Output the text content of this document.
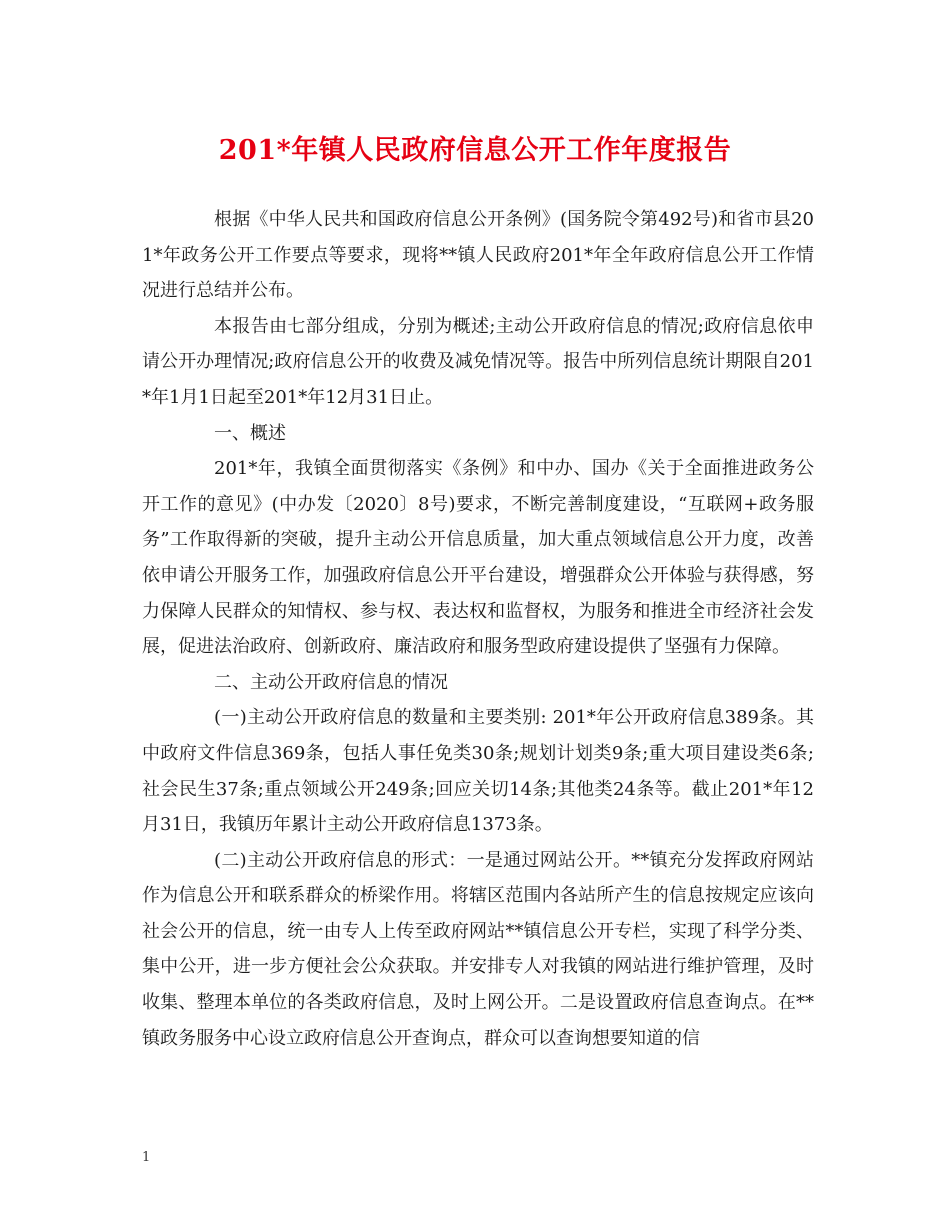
201*年镇人民政府信息公开工作年度报告

根据《中华人民共和国政府信息公开条例》(国务院令第492号)和省市县201*年政务公开工作要点等要求，现将**镇人民政府201*年全年政府信息公开工作情况进行总结并公布。

本报告由七部分组成，分别为概述;主动公开政府信息的情况;政府信息依申请公开办理情况;政府信息公开的收费及减免情况等。报告中所列信息统计期限自201*年1月1日起至201*年12月31日止。

一、概述

201*年，我镇全面贯彻落实《条例》和中办、国办《关于全面推进政务公开工作的意见》(中办发〔2020〕8号)要求，不断完善制度建设，“互联网+政务服务”工作取得新的突破，提升主动公开信息质量，加大重点领域信息公开力度，改善依申请公开服务工作，加强政府信息公开平台建设，增强群众公开体验与获得感，努力保障人民群众的知情权、参与权、表达权和监督权，为服务和推进全市经济社会发展，促进法治政府、创新政府、廉洁政府和服务型政府建设提供了坚强有力保障。

二、主动公开政府信息的情况

(一)主动公开政府信息的数量和主要类别: 201*年公开政府信息389条。其中政府文件信息369条，包括人事任免类30条;规划计划类9条;重大项目建设类6条;社会民生37条;重点领域公开249条;回应关切14条;其他类24条等。截止201*年12月31日，我镇历年累计主动公开政府信息1373条。

(二)主动公开政府信息的形式：一是通过网站公开。**镇充分发挥政府网站作为信息公开和联系群众的桥梁作用。将辖区范围内各站所产生的信息按规定应该向社会公开的信息，统一由专人上传至政府网站**镇信息公开专栏，实现了科学分类、集中公开，进一步方便社会公众获取。并安排专人对我镇的网站进行维护管理，及时收集、整理本单位的各类政府信息，及时上网公开。二是设置政府信息查询点。在**镇政务服务中心设立政府信息公开查询点，群众可以查询想要知道的信

1
